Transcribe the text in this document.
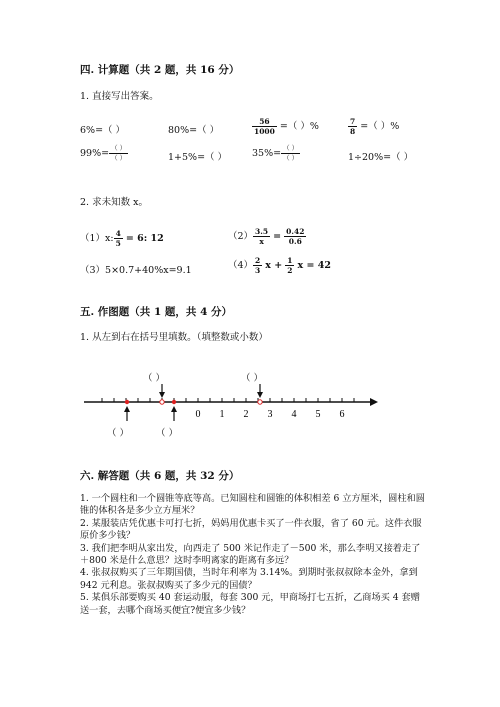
四. 计算题（共 2 题，共 16 分）
1. 直接写出答案。
6%=（ ）	80%=（ ）	$\frac{56}{1000}$ =（ ）%	$\frac{7}{8}$ =（ ）%
$99\%= \frac{( )}{( )}$	1+5%=（ ）	$35\%= \frac{( )}{( )}$	1÷20%=（ ）
2. 求未知数 x。
（1）x: $\frac{4}{5} = 6$: 12	$(2) \frac{3.5}{x} = \frac{0.42}{0.6}$
（3）5×0.7+40%x=9.1	$(4) \frac{2}{3}$ $x + \frac{1}{2}$ x = 42
五. 作图题（共 1 题，共 4 分）
1. 从左到右在括号里填数。（填整数或小数）
0 1 2 3 4 5 6
（ ）	（ ）
（ ）	（ ）
六. 解答题（共 6 题，共 32 分）

1. 一个圆柱和一个圆锥等底等高。已知圆柱和圆锥的体积相差 6 立方厘米，圆柱和圆锥的体积各是多少立方厘米？

2. 某服装店凭优惠卡可打七折，妈妈用优惠卡买了一件衣服，省了 60 元。这件衣服原价多少钱？

3. 我们把李明从家出发，向西走了 500 米记作走了－500 米，那么李明又接着走了＋800 米是什么意思？这时李明离家的距离有多远？

4. 张叔叔购买了三年期国债，当时年利率为 3.14%。到期时张叔叔除本金外，拿到 942 元利息。张叔叔购买了多少元的国债？

5. 某俱乐部要购买 40 套运动服，每套 300 元，甲商场打七五折，乙商场买 4 套赠送一套，去哪个商场买便宜?便宜多少钱？
